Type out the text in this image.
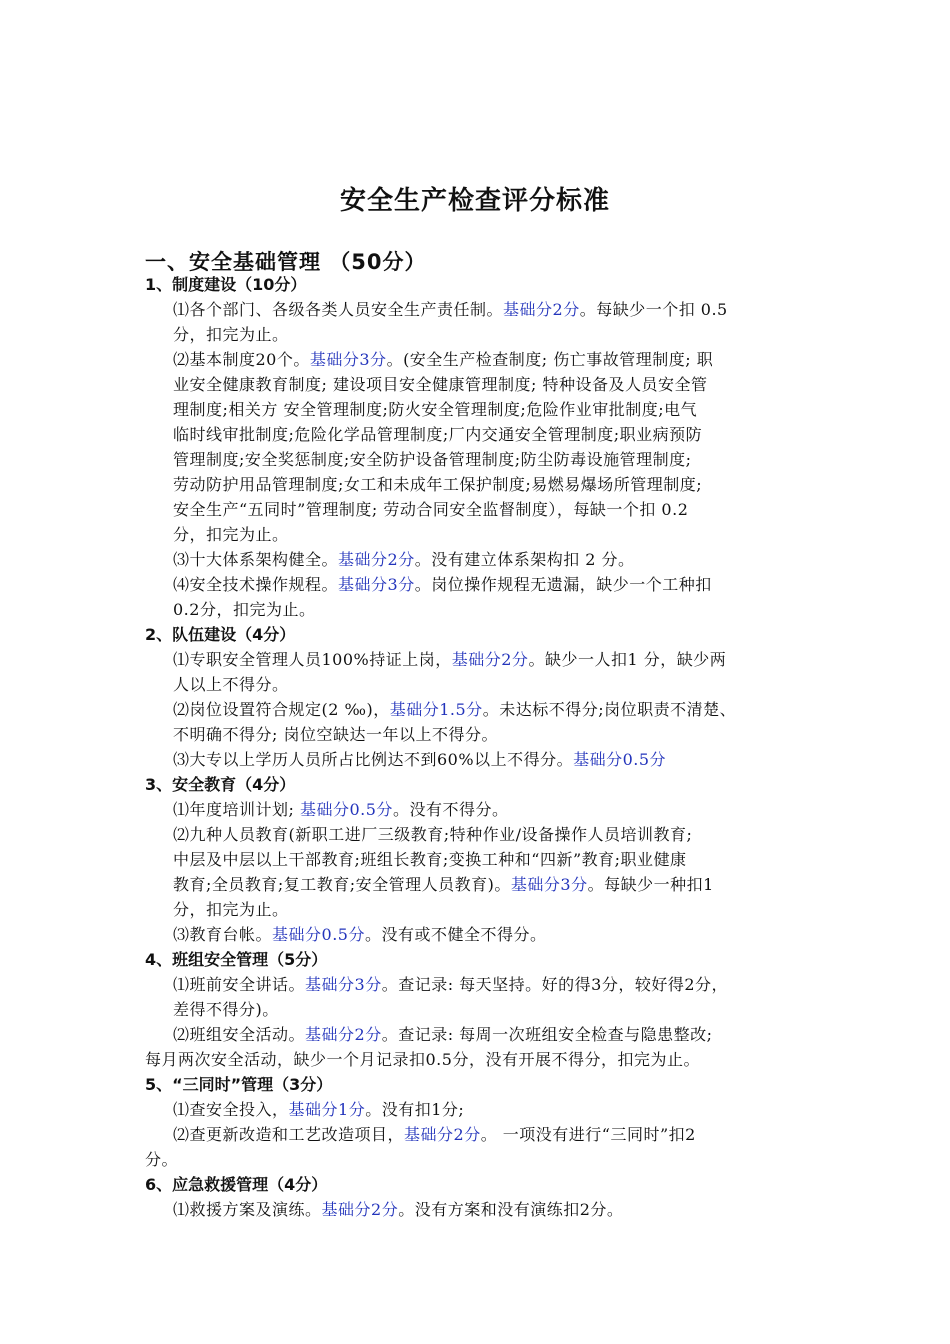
安全生产检查评分标准
一、安全基础管理 （50分）
1、制度建设（10分）
⑴各个部门、各级各类人员安全生产责任制。基础分2分。每缺少一个扣 0.5
分，扣完为止。
⑵基本制度20个。基础分3分。(安全生产检查制度; 伤亡事故管理制度; 职
业安全健康教育制度; 建设项目安全健康管理制度; 特种设备及人员安全管
理制度;相关方 安全管理制度;防火安全管理制度;危险作业审批制度;电气
临时线审批制度;危险化学品管理制度;厂内交通安全管理制度;职业病预防
管理制度;安全奖惩制度;安全防护设备管理制度;防尘防毒设施管理制度;
劳动防护用品管理制度;女工和未成年工保护制度;易燃易爆场所管理制度;
安全生产“五同时”管理制度; 劳动合同安全监督制度），每缺一个扣 0.2
分，扣完为止。
⑶十大体系架构健全。基础分2分。没有建立体系架构扣 2 分。
⑷安全技术操作规程。基础分3分。岗位操作规程无遗漏，缺少一个工种扣
0.2分，扣完为止。
2、队伍建设（4分）
⑴专职安全管理人员100%持证上岗，基础分2分。缺少一人扣1 分，缺少两
人以上不得分。
⑵岗位设置符合规定(2 ‰)，基础分1.5分。未达标不得分;岗位职责不清楚、
不明确不得分; 岗位空缺达一年以上不得分。
⑶大专以上学历人员所占比例达不到60%以上不得分。基础分0.5分
3、安全教育（4分）
⑴年度培训计划; 基础分0.5分。没有不得分。
⑵九种人员教育(新职工进厂三级教育;特种作业/设备操作人员培训教育;
中层及中层以上干部教育;班组长教育;变换工种和“四新”教育;职业健康
教育;全员教育;复工教育;安全管理人员教育)。基础分3分。每缺少一种扣1
分，扣完为止。
⑶教育台帐。基础分0.5分。没有或不健全不得分。
4、班组安全管理（5分）
⑴班前安全讲话。基础分3分。查记录: 每天坚持。好的得3分，较好得2分，
差得不得分)。
⑵班组安全活动。基础分2分。查记录: 每周一次班组安全检查与隐患整改;
每月两次安全活动，缺少一个月记录扣0.5分，没有开展不得分，扣完为止。
5、“三同时”管理（3分）
⑴查安全投入，基础分1分。没有扣1分;
⑵查更新改造和工艺改造项目，基础分2分。 一项没有进行“三同时”扣2
分。
6、应急救援管理（4分）
⑴救援方案及演练。基础分2分。没有方案和没有演练扣2分。
